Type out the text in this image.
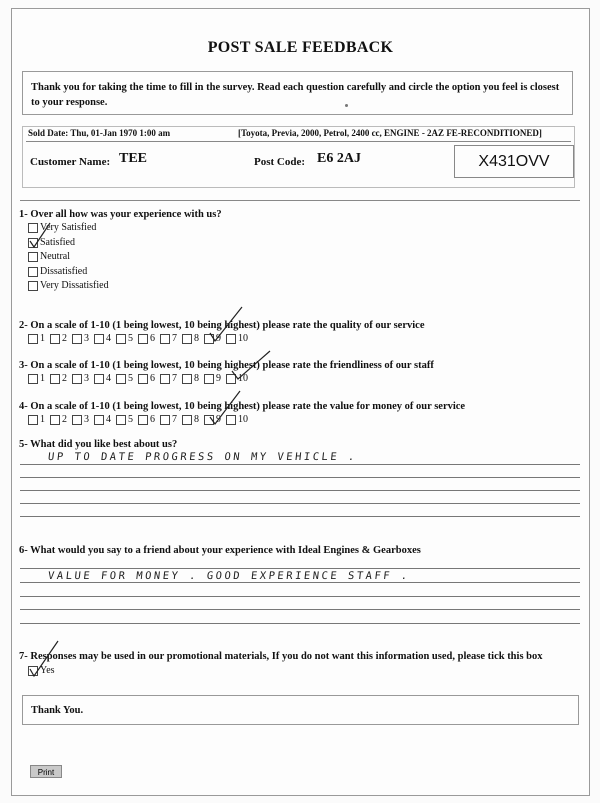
POST SALE FEEDBACK
Thank you for taking the time to fill in the survey. Read each question carefully and circle the option you feel is closest to your response.
Sold Date: Thu, 01-Jan 1970 1:00 am	[Toyota, Previa, 2000, Petrol, 2400 cc, ENGINE - 2AZ FE-RECONDITIONED]
Customer Name: TEE	Post Code: E6 2AJ	X431OVV
1- Over all how was your experience with us?
Very Satisfied
Satisfied
Neutral
Dissatisfied
Very Dissatisfied
2- On a scale of 1-10 (1 being lowest, 10 being highest) please rate the quality of our service
1 2 3 4 5 6 7 8 9 10
3- On a scale of 1-10 (1 being lowest, 10 being highest) please rate the friendliness of our staff
1 2 3 4 5 6 7 8 9 10
4- On a scale of 1-10 (1 being lowest, 10 being highest) please rate the value for money of our service
1 2 3 4 5 6 7 8 9 10
5- What did you like best about us?
UP TO DATE PROGRESS ON MY VEHICLE .
6- What would you say to a friend about your experience with Ideal Engines & Gearboxes
VALUE FOR MONEY . GOOD EXPERIENCE STAFF .
7- Responses may be used in our promotional materials, If you do not want this information used, please tick this box
Yes
Thank You.
Print
